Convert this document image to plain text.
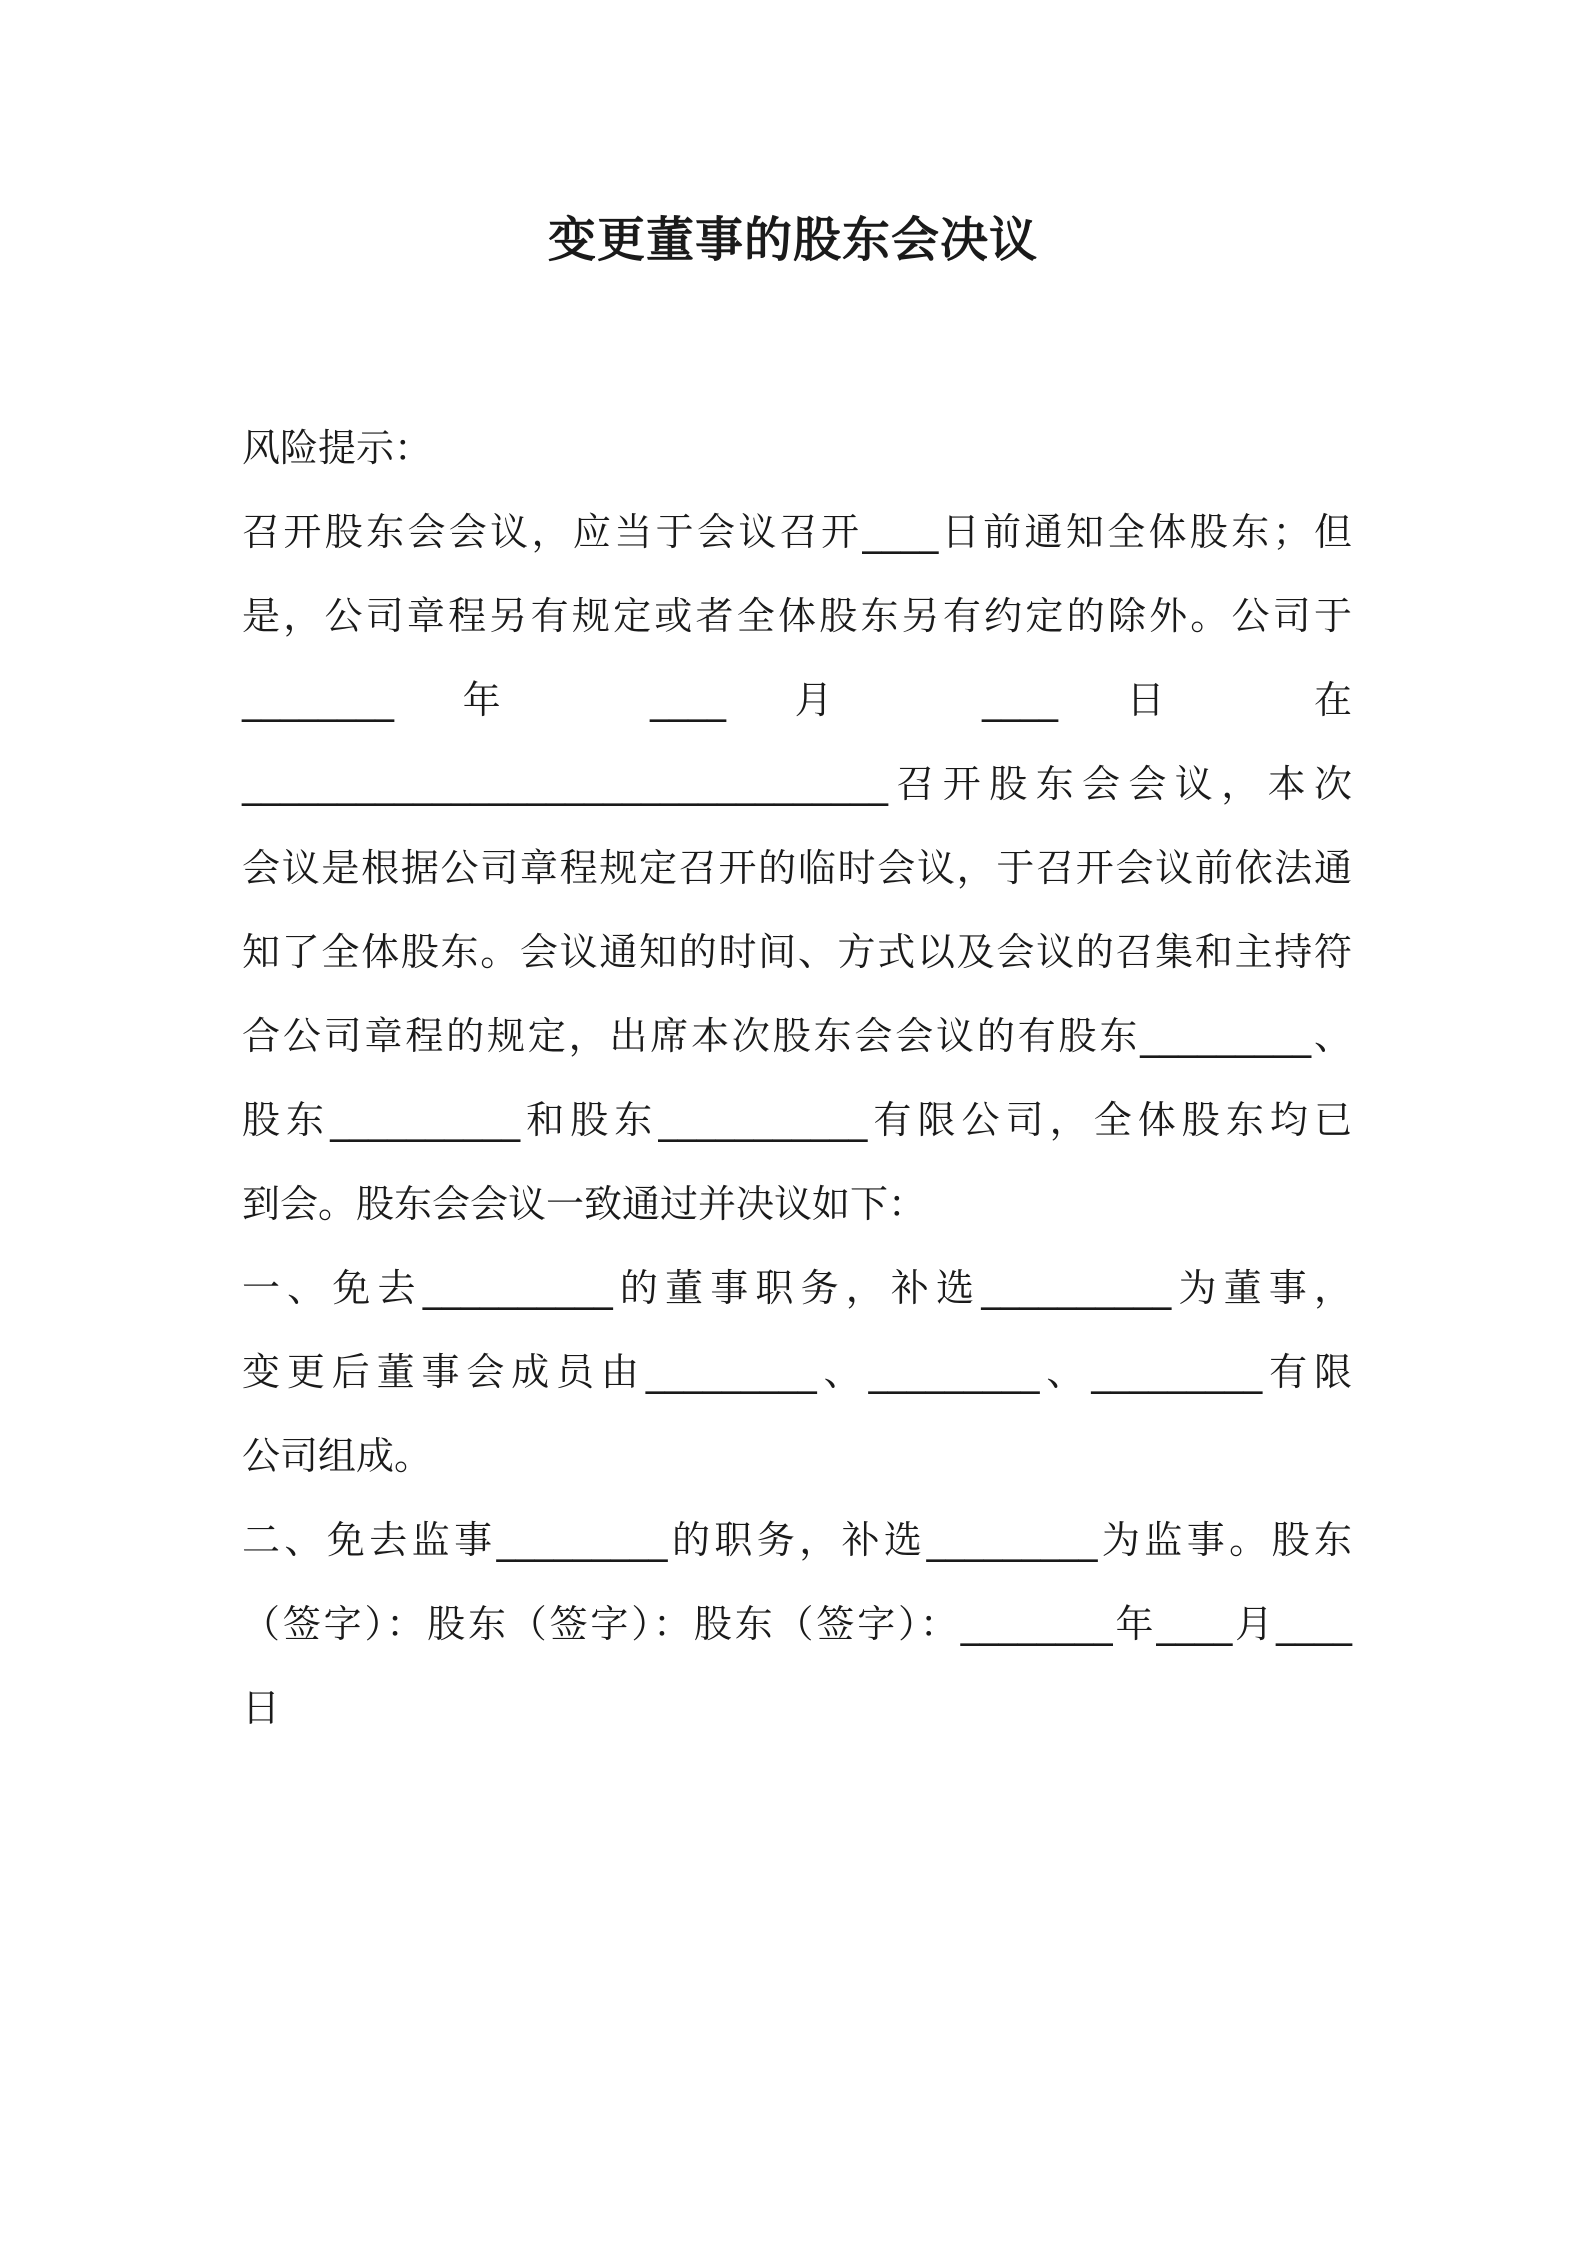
变更董事的股东会决议
风险提示：
召开股东会会议，应当于会议召开____日前通知全体股东；但
是，公司章程另有规定或者全体股东另有约定的除外。公司于
________年 ____月 ____日 在
__________________________________召开股东会会议，本次
会议是根据公司章程规定召开的临时会议，于召开会议前依法通
知了全体股东。会议通知的时间、方式以及会议的召集和主持符
合公司章程的规定，出席本次股东会会议的有股东_________、
股东__________和股东___________有限公司，全体股东均已
到会。股东会会议一致通过并决议如下：
一、免去__________的董事职务，补选__________为董事，
变更后董事会成员由_________、_________、_________有限
公司组成。
二、免去监事_________的职务，补选_________为监事。股东
（签字）：股东（签字）：股东（签字）：________年____月____
日
